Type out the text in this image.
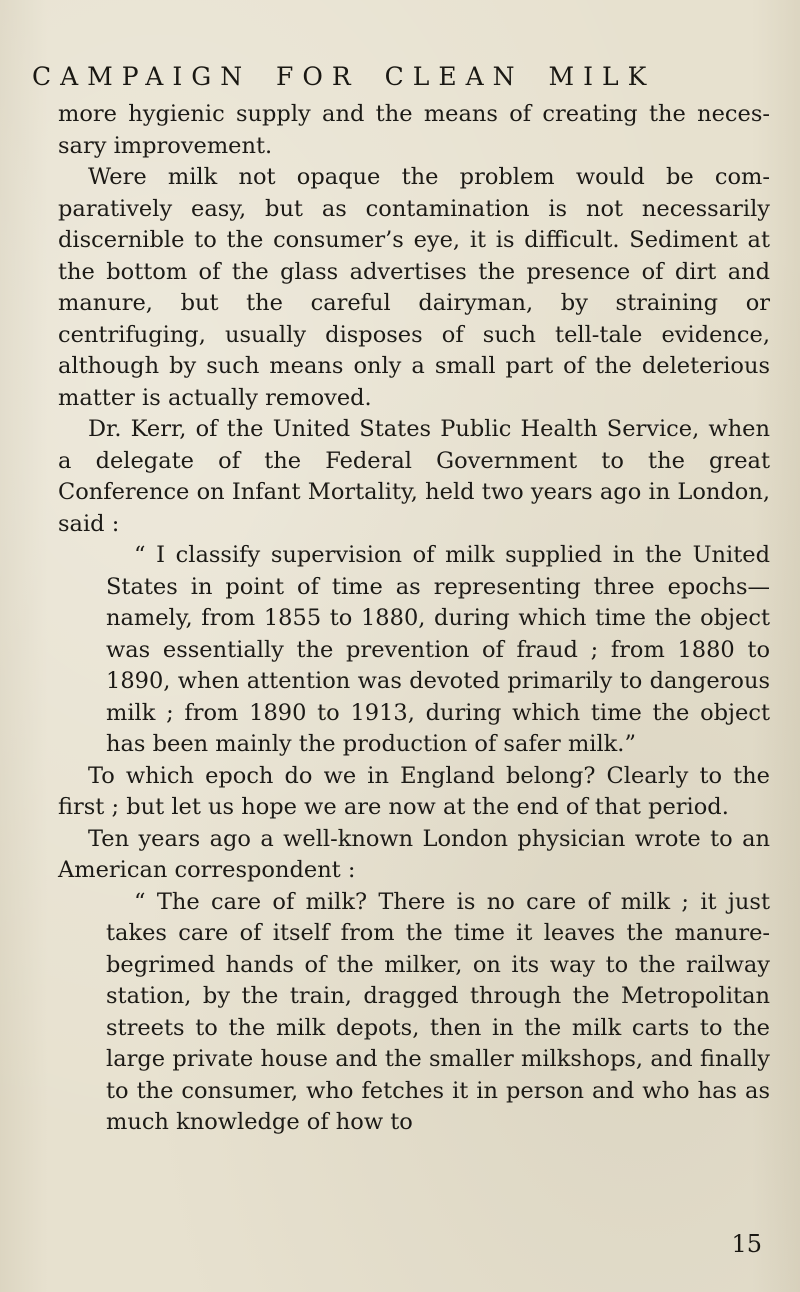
CAMPAIGN FOR CLEAN MILK

more hygienic supply and the means of creating the neces- sary improvement.

Were milk not opaque the problem would be com- paratively easy, but as contamination is not necessarily discernible to the consumer’s eye, it is difficult. Sediment at the bottom of the glass advertises the presence of dirt and manure, but the careful dairyman, by straining or centrifuging, usually disposes of such tell-tale evidence, although by such means only a small part of the deleterious matter is actually removed.

Dr. Kerr, of the United States Public Health Service, when a delegate of the Federal Government to the great Conference on Infant Mortality, held two years ago in London, said :

“ I classify supervision of milk supplied in the United States in point of time as representing three epochs— namely, from 1855 to 1880, during which time the object was essentially the prevention of fraud ; from 1880 to 1890, when attention was devoted primarily to dangerous milk ; from 1890 to 1913, during which time the object has been mainly the production of safer milk.”

To which epoch do we in England belong? Clearly to the first ; but let us hope we are now at the end of that period.

Ten years ago a well-known London physician wrote to an American correspondent :

“ The care of milk? There is no care of milk ; it just takes care of itself from the time it leaves the manure-begrimed hands of the milker, on its way to the railway station, by the train, dragged through the Metropolitan streets to the milk depots, then in the milk carts to the large private house and the smaller milkshops, and finally to the consumer, who fetches it in person and who has as much knowledge of how to

15
